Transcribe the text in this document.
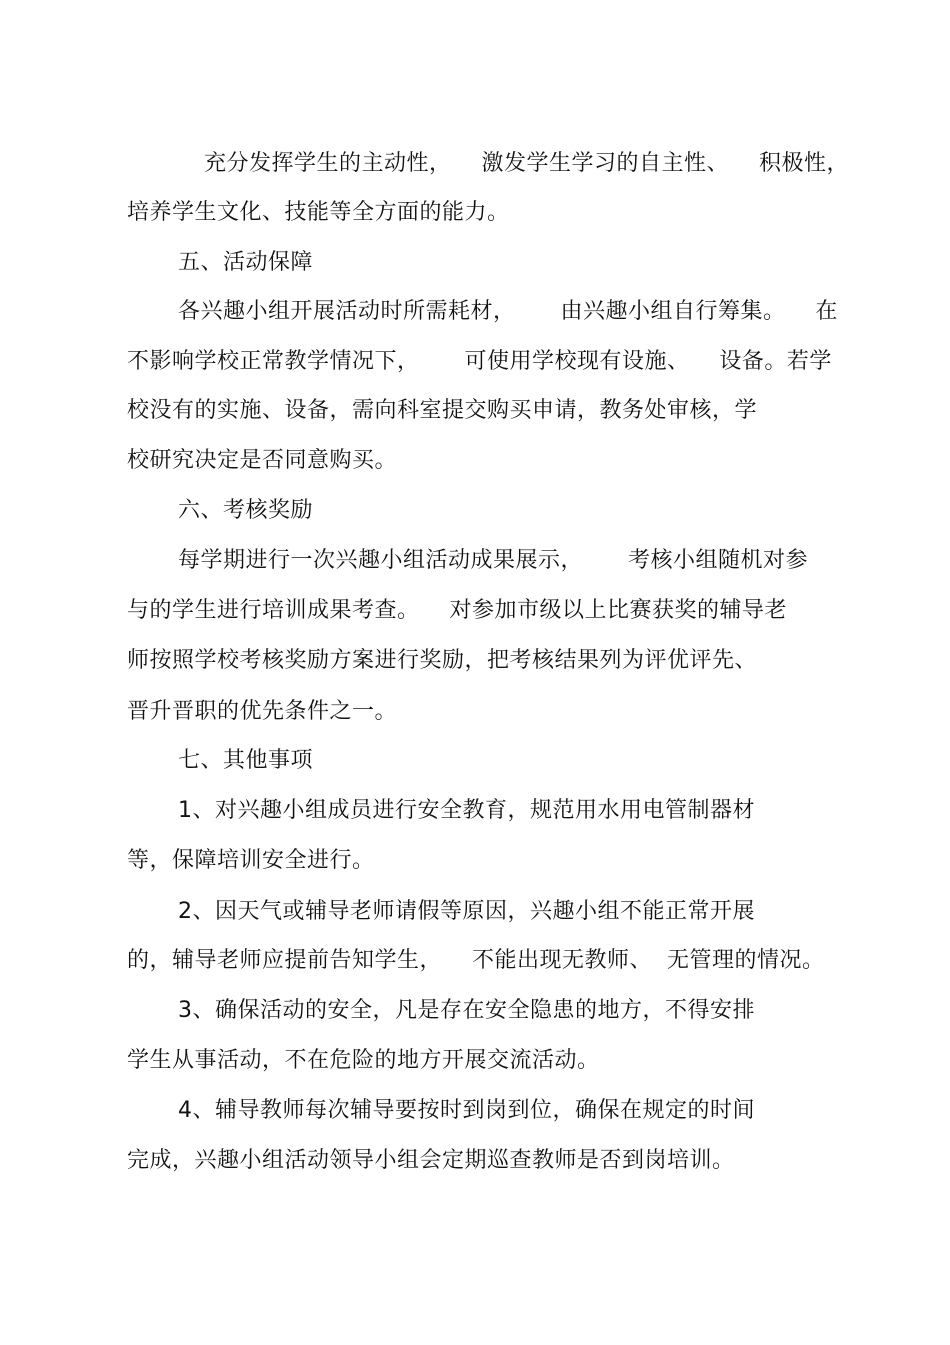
充分发挥学生的主动性，    激发学生学习的自主性、    积极性，
培养学生文化、技能等全方面的能力。
五、活动保障
各兴趣小组开展活动时所需耗材，      由兴趣小组自行筹集。    在
不影响学校正常教学情况下，      可使用学校现有设施、    设备。若学
校没有的实施、设备，需向科室提交购买申请，教务处审核，学
校研究决定是否同意购买。
六、考核奖励
每学期进行一次兴趣小组活动成果展示，      考核小组随机对参
与的学生进行培训成果考查。    对参加市级以上比赛获奖的辅导老
师按照学校考核奖励方案进行奖励，把考核结果列为评优评先、
晋升晋职的优先条件之一。
七、其他事项
1、对兴趣小组成员进行安全教育，规范用水用电管制器材
等，保障培训安全进行。
2、因天气或辅导老师请假等原因，兴趣小组不能正常开展
的，辅导老师应提前告知学生，    不能出现无教师、  无管理的情况。
3、确保活动的安全，凡是存在安全隐患的地方，不得安排
学生从事活动，不在危险的地方开展交流活动。
4、辅导教师每次辅导要按时到岗到位，确保在规定的时间
完成，兴趣小组活动领导小组会定期巡查教师是否到岗培训。
